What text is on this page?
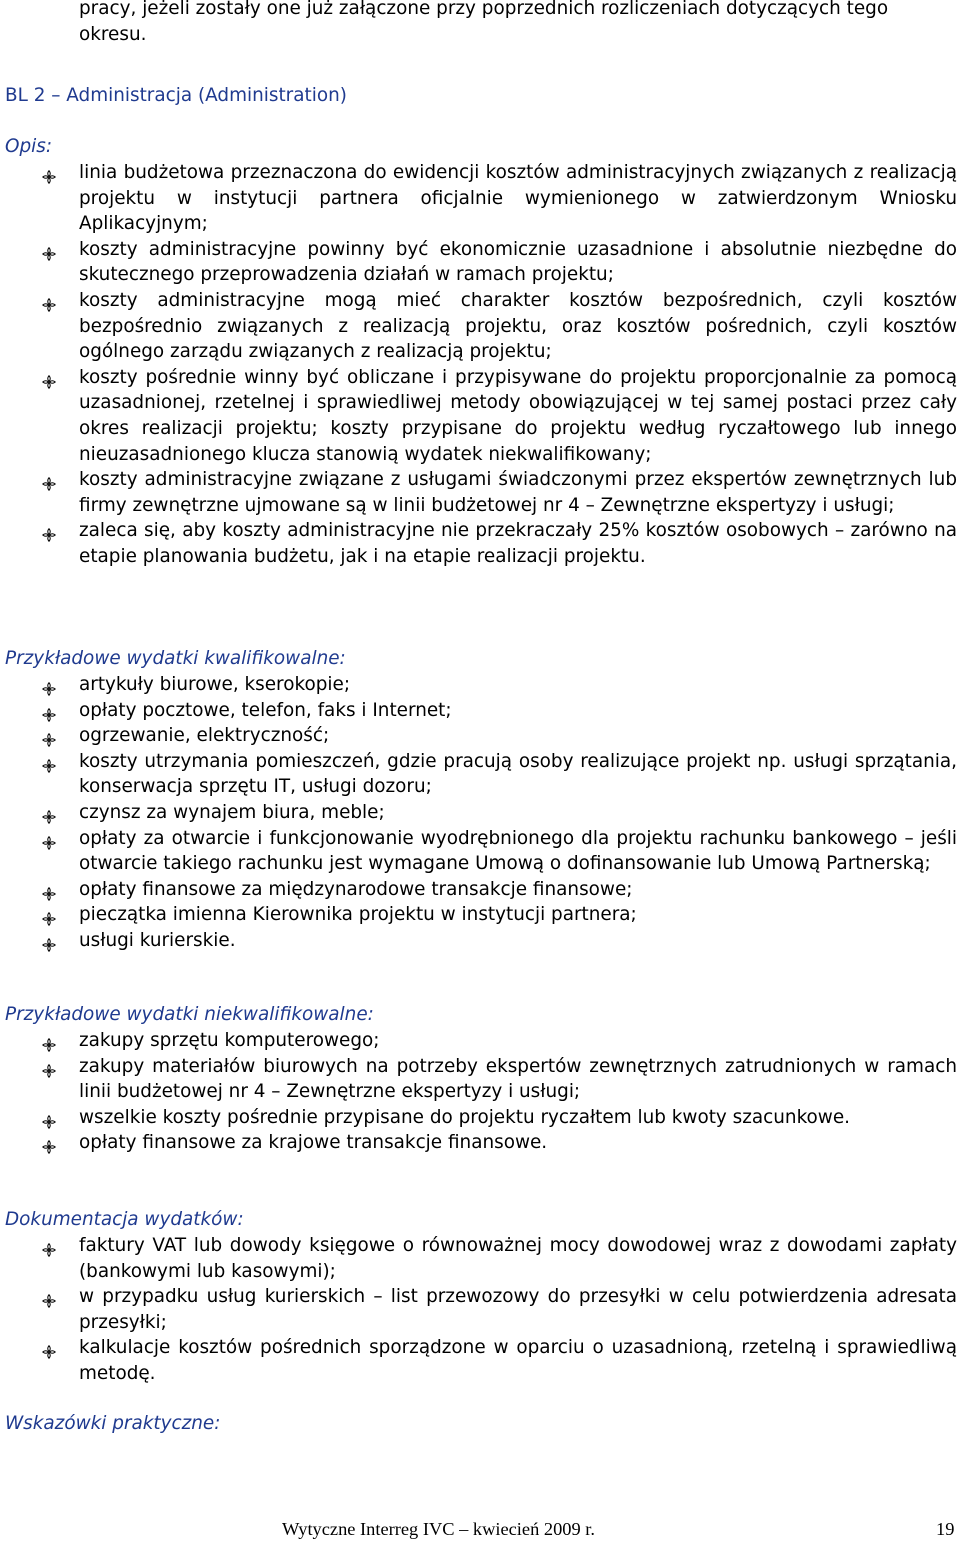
pracy, jeżeli zostały one już załączone przy poprzednich rozliczeniach dotyczących tego okresu.

BL 2 – Administracja (Administration)

Opis:

linia budżetowa przeznaczona do ewidencji kosztów administracyjnych związanych z realizacją projektu w instytucji partnera oficjalnie wymienionego w zatwierdzonym Wniosku Aplikacyjnym;
koszty administracyjne powinny być ekonomicznie uzasadnione i absolutnie niezbędne do skutecznego przeprowadzenia działań w ramach projektu;
koszty administracyjne mogą mieć charakter kosztów bezpośrednich, czyli kosztów bezpośrednio związanych z realizacją projektu, oraz kosztów pośrednich, czyli kosztów ogólnego zarządu związanych z realizacją projektu;
koszty pośrednie winny być obliczane i przypisywane do projektu proporcjonalnie za pomocą uzasadnionej, rzetelnej i sprawiedliwej metody obowiązującej w tej samej postaci przez cały okres realizacji projektu; koszty przypisane do projektu według ryczałtowego lub innego nieuzasadnionego klucza stanowią wydatek niekwalifikowany;
koszty administracyjne związane z usługami świadczonymi przez ekspertów zewnętrznych lub firmy zewnętrzne ujmowane są w linii budżetowej nr 4 – Zewnętrzne ekspertyzy i usługi;
zaleca się, aby koszty administracyjne nie przekraczały 25% kosztów osobowych – zarówno na etapie planowania budżetu, jak i na etapie realizacji projektu.

Przykładowe wydatki kwalifikowalne:

artykuły biurowe, kserokopie;
opłaty pocztowe, telefon, faks i Internet;
ogrzewanie, elektryczność;
koszty utrzymania pomieszczeń, gdzie pracują osoby realizujące projekt np. usługi sprzątania, konserwacja sprzętu IT, usługi dozoru;
czynsz za wynajem biura, meble;
opłaty za otwarcie i funkcjonowanie wyodrębnionego dla projektu rachunku bankowego – jeśli otwarcie takiego rachunku jest wymagane Umową o dofinansowanie lub Umową Partnerską;
opłaty finansowe za międzynarodowe transakcje finansowe;
pieczątka imienna Kierownika projektu w instytucji partnera;
usługi kurierskie.

Przykładowe wydatki niekwalifikowalne:

zakupy sprzętu komputerowego;
zakupy materiałów biurowych na potrzeby ekspertów zewnętrznych zatrudnionych w ramach linii budżetowej nr 4 – Zewnętrzne ekspertyzy i usługi;
wszelkie koszty pośrednie przypisane do projektu ryczałtem lub kwoty szacunkowe.
opłaty finansowe za krajowe transakcje finansowe.

Dokumentacja wydatków:

faktury VAT lub dowody księgowe o równoważnej mocy dowodowej wraz z dowodami zapłaty (bankowymi lub kasowymi);
w przypadku usług kurierskich – list przewozowy do przesyłki w celu potwierdzenia adresata przesyłki;
kalkulacje kosztów pośrednich sporządzone w oparciu o uzasadnioną, rzetelną i sprawiedliwą metodę.

Wskazówki praktyczne:

Wytyczne Interreg IVC – kwiecień 2009 r.	19
